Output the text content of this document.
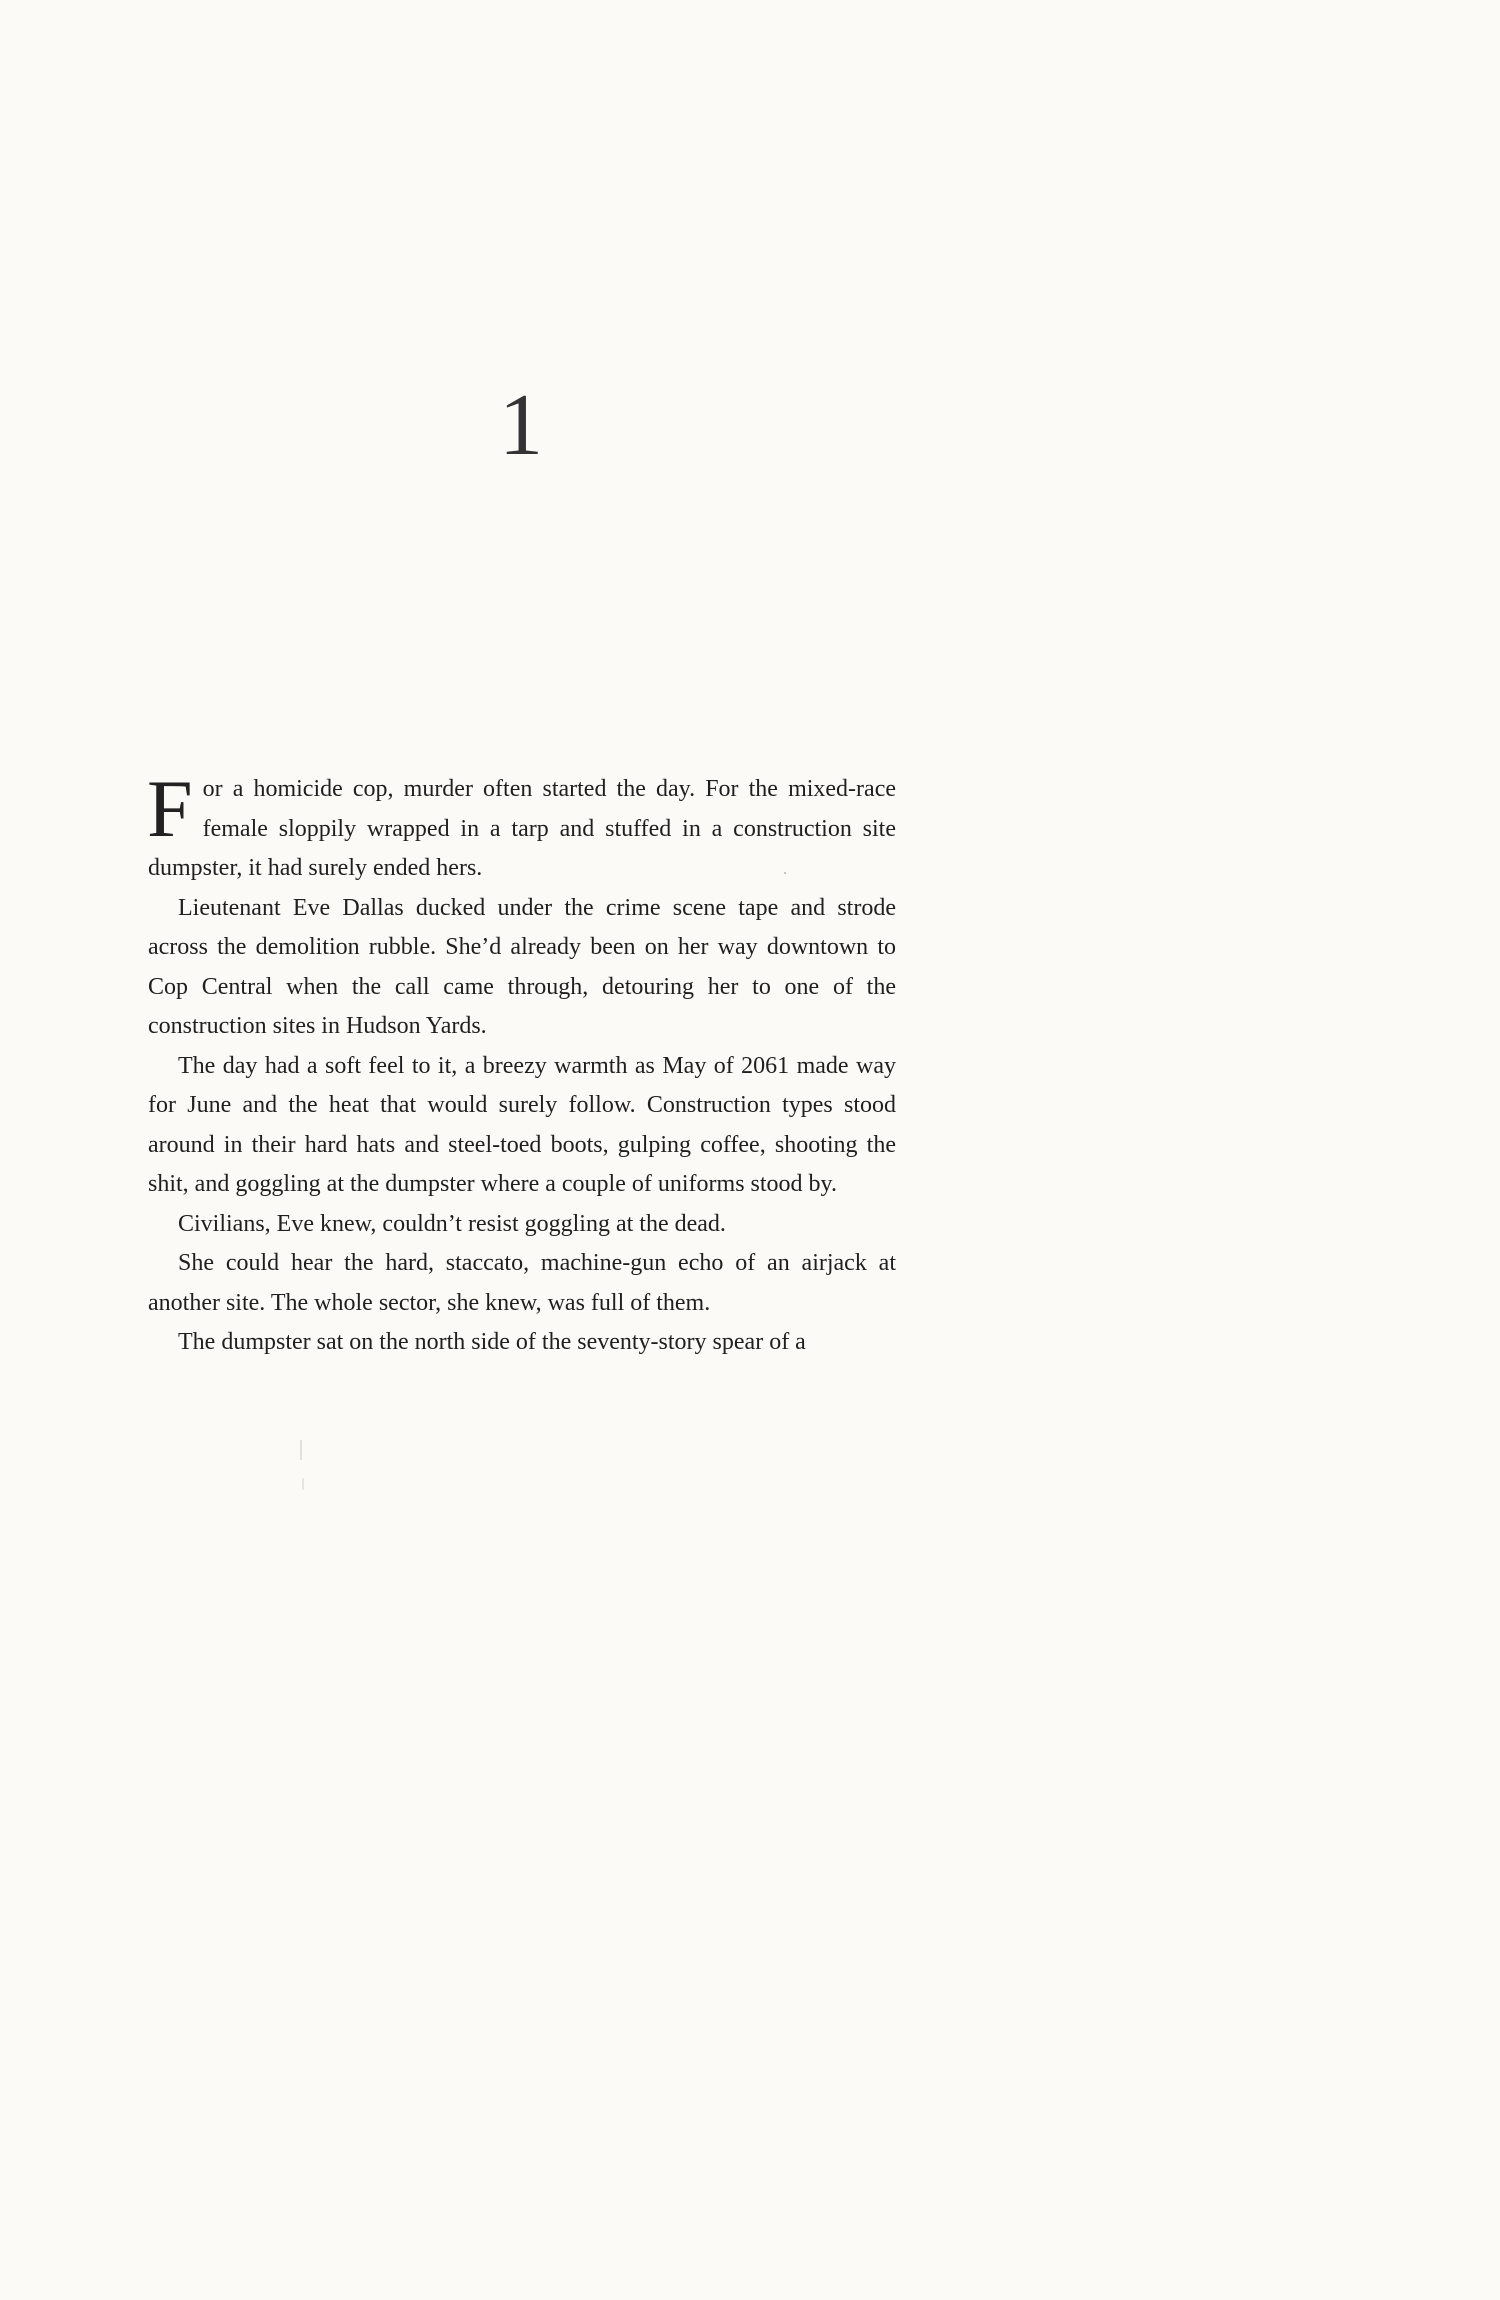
1

For a homicide cop, murder often started the day. For the mixed-race female sloppily wrapped in a tarp and stuffed in a construction site dumpster, it had surely ended hers.

Lieutenant Eve Dallas ducked under the crime scene tape and strode across the demolition rubble. She’d already been on her way downtown to Cop Central when the call came through, detouring her to one of the construction sites in Hudson Yards.

The day had a soft feel to it, a breezy warmth as May of 2061 made way for June and the heat that would surely follow. Construction types stood around in their hard hats and steel-toed boots, gulping coffee, shooting the shit, and goggling at the dumpster where a couple of uniforms stood by.

Civilians, Eve knew, couldn’t resist goggling at the dead.

She could hear the hard, staccato, machine-gun echo of an airjack at another site. The whole sector, she knew, was full of them.

The dumpster sat on the north side of the seventy-story spear of a
